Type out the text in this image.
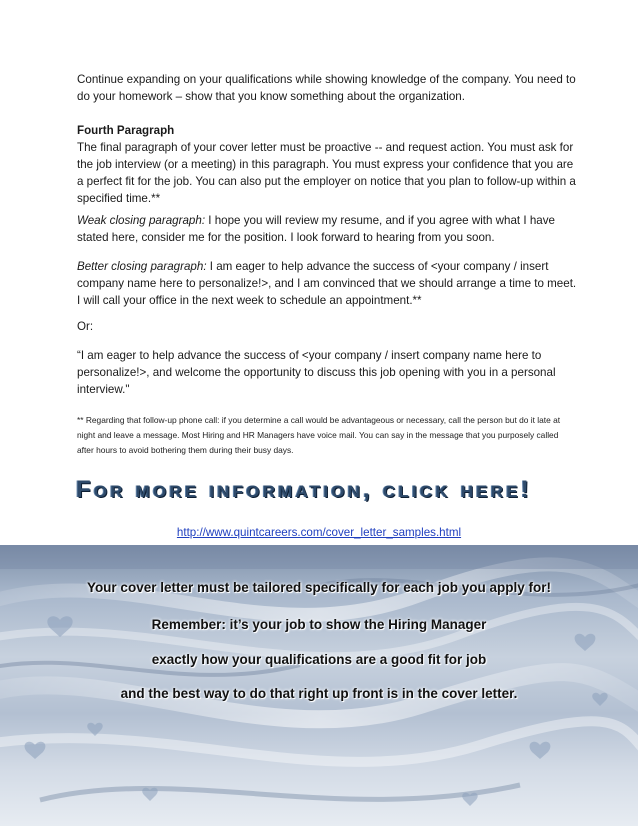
Continue expanding on your qualifications while showing knowledge of the company. You need to do your homework – show that you know something about the organization.

Fourth Paragraph

The final paragraph of your cover letter must be proactive -- and request action. You must ask for the job interview (or a meeting) in this paragraph. You must express your confidence that you are a perfect fit for the job. You can also put the employer on notice that you plan to follow-up within a specified time.**

Weak closing paragraph: I hope you will review my resume, and if you agree with what I have stated here, consider me for the position. I look forward to hearing from you soon.

Better closing paragraph: I am eager to help advance the success of <your company / insert company name here to personalize!>, and I am convinced that we should arrange a time to meet. I will call your office in the next week to schedule an appointment.**

Or:

“I am eager to help advance the success of <your company / insert company name here to personalize!>, and welcome the opportunity to discuss this job opening with you in a personal interview."

** Regarding that follow-up phone call: if you determine a call would be advantageous or necessary, call the person but do it late at night and leave a message. Most Hiring and HR Managers have voice mail. You can say in the message that you purposely called after hours to avoid bothering them during their busy days.
For more information, click here!
http://www.quintcareers.com/cover_letter_samples.html
Your cover letter must be tailored specifically for each job you apply for!
Remember: it’s your job to show the Hiring Manager
exactly how your qualifications are a good fit for job
and the best way to do that right up front is in the cover letter.
